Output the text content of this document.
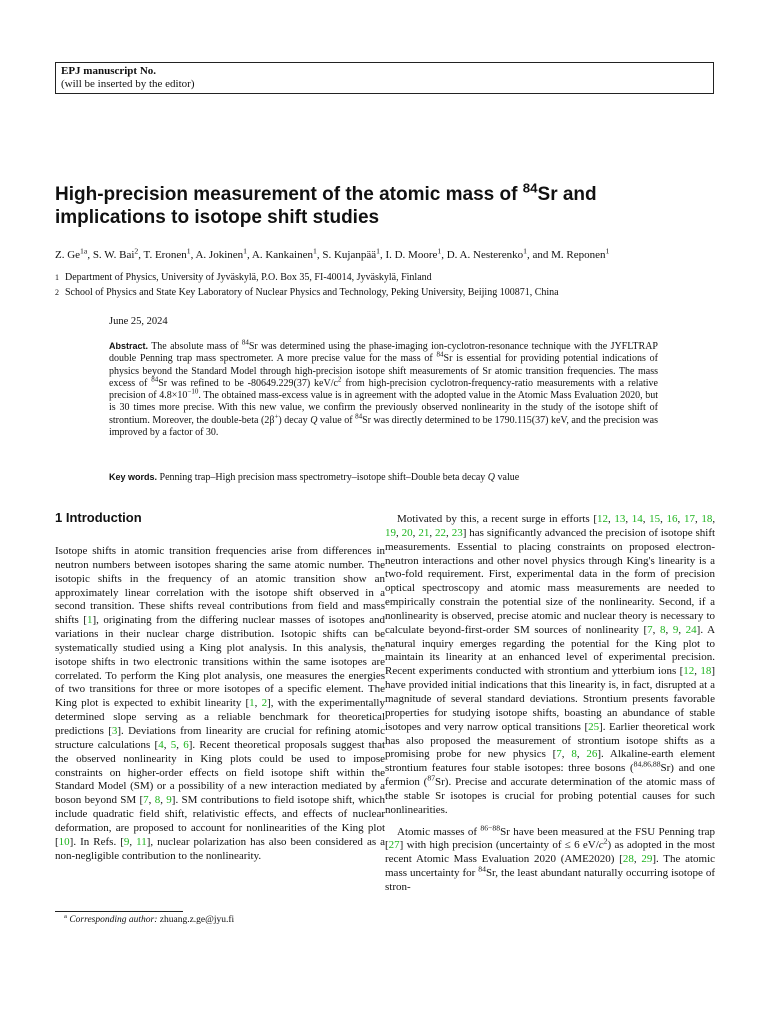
EPJ manuscript No.
(will be inserted by the editor)
High-precision measurement of the atomic mass of $^{84}$Sr and
implications to isotope shift studies
Z. $Ge^{1a}$, S. W. Bai$^2$, T. Eronen$^1$, A. Jokinen$^1$, A. Kankainen$^1$, S. Kujanpää$^1$, I. D. Moore$^1$, D. A. Nesterenko$^1$, and M. Reponen$^1$
1 Department of Physics, University of Jyväskylä, P.O. Box 35, FI-40014, Jyväskylä, Finland
2 School of Physics and State Key Laboratory of Nuclear Physics and Technology, Peking University, Beijing 100871, China
June 25, 2024

Abstract. The absolute mass of $^{84}$Sr was determined using the phase-imaging ion-cyclotron-resonance technique with the JYFLTRAP double Penning trap mass spectrometer. A more precise value for the mass of $^{84}$Sr is essential for providing potential indications of physics beyond the Standard Model through high-precision isotope shift measurements of Sr atomic transition frequencies. The mass excess of $^{84}$Sr was refined to be -80649.229(37) keV/$c^2$ from high-precision cyclotron-frequency-ratio measurements with a relative precision of $4.8\times 10^{-10}$. The obtained mass-excess value is in agreement with the adopted value in the Atomic Mass Evaluation 2020, but is 30 times more precise. With this new value, we confirm the previously observed nonlinearity in the study of the isotope shift of strontium. Moreover, the double-beta (2β+) decay Q value of $^{84}$Sr was directly determined to be 1790.115(37) keV, and the precision was improved by a factor of 30.

Key words. Penning trap–High precision mass spectrometry–isotope shift–Double beta decay Q value
1 Introduction

Isotope shifts in atomic transition frequencies arise from differences in neutron numbers between isotopes sharing the same atomic number. The isotopic shifts in the frequency of an atomic transition show an approximately linear correlation with the isotope shift observed in a second transition. These shifts reveal contributions from field and mass shifts [1], originating from the differing nuclear masses of isotopes and variations in their nuclear charge distribution. Isotopic shifts can be systematically studied using a King plot analysis. In this analysis, the isotope shifts in two electronic transitions within the same isotopes are correlated. To perform the King plot analysis, one measures the energies of two transitions for three or more isotopes of a specific element. The King plot is expected to exhibit linearity [1, 2], with the experimentally determined slope serving as a reliable benchmark for theoretical predictions [3]. Deviations from linearity are crucial for refining atomic structure calculations [4, 5, 6]. Recent theoretical proposals suggest that the observed nonlinearity in King plots could be used to impose constraints on higher-order effects on field isotope shift within the Standard Model (SM) or a possibility of a new interaction mediated by a boson beyond SM [7, 8, 9]. SM contributions to field isotope shift, which include quadratic field shift, relativistic effects, and effects of nuclear deformation, are proposed to account for nonlinearities of the King plot [10]. In Refs. [9, 11], nuclear polarization has also been considered as a non-negligible contribution to the nonlinearity.

Motivated by this, a recent surge in efforts [12, 13, 14, 15, 16, 17, 18, 19, 20, 21, 22, 23] has significantly advanced the precision of isotope shift measurements. Essential to placing constraints on proposed electron-neutron interactions and other novel physics through King's linearity is a two-fold requirement. First, experimental data in the form of precision optical spectroscopy and atomic mass measurements are needed to empirically constrain the potential size of the nonlinearity. Second, if a nonlinearity is observed, precise atomic and nuclear theory is necessary to calculate beyond-first-order SM sources of nonlinearity [7, 8, 9, 24]. A natural inquiry emerges regarding the potential for the King plot to maintain its linearity at an enhanced level of experimental precision. Recent experiments conducted with strontium and ytterbium ions [12, 18] have provided initial indications that this linearity is, in fact, disrupted at a magnitude of several standard deviations. Strontium presents favorable properties for studying isotope shifts, boasting an abundance of stable isotopes and very narrow optical transitions [25]. Earlier theoretical work has also proposed the measurement of strontium isotope shifts as a promising probe for new physics [7, 8, 26]. Alkaline-earth element strontium features four stable isotopes: three bosons ($^{84,86,88}$Sr) and one fermion ($^{87}$Sr). Precise and accurate determination of the atomic mass of the stable Sr isotopes is crucial for probing potential causes for such nonlinearities.

Atomic masses of $^{86-88}$Sr have been measured at the FSU Penning trap [27] with high precision (uncertainty of ≤ 6 $eV/c^2$) as adopted in the most recent Atomic Mass Evaluation 2020 (AME2020) [28, 29]. The atomic mass uncertainty for $^{84}$Sr, the least abundant naturally occurring isotope of stron-

$^a$ Corresponding author: zhuang.z.ge@jyu.fi
